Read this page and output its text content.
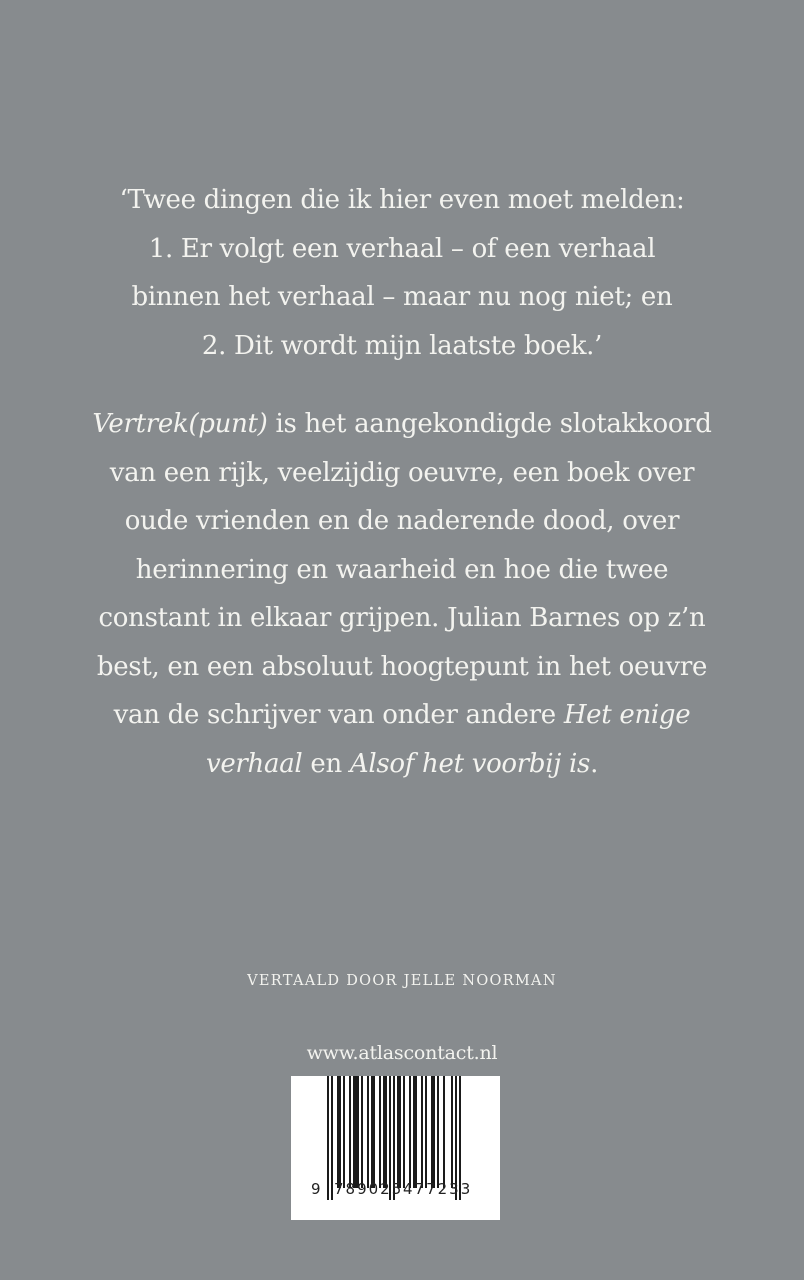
‘Twee dingen die ik hier even moet melden:
1. Er volgt een verhaal – of een verhaal
binnen het verhaal – maar nu nog niet; en
2. Dit wordt mijn laatste boek.’
Vertrek(punt) is het aangekondigde slotakkoord
van een rijk, veelzijdig oeuvre, een boek over
oude vrienden en de naderende dood, over
herinnering en waarheid en hoe die twee
constant in elkaar grijpen. Julian Barnes op z’n
best, en een absoluut hoogtepunt in het oeuvre
van de schrijver van onder andere Het enige
verhaal en Alsof het voorbij is.
VERTAALD DOOR JELLE NOORMAN
www.atlascontact.nl
9 789025 477233
